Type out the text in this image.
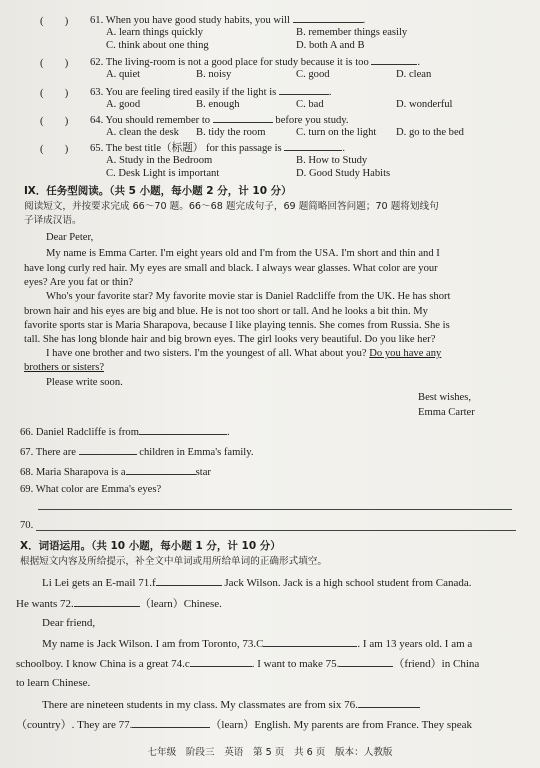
(　　) 61. When you have good study habits, you will	.
A. learn things quickly	B. remember things easily
C. think about one thing	D. both A and B
(　　) 62. The living-room is not a good place for study because it is too	.
A. quiet	B. noisy	C. good	D. clean
(　　) 63. You are feeling tired easily if the light is	.
A. good	B. enough	C. bad	D. wonderful
(　　) 64. You should remember to	before you study.
A. clean the desk B. tidy the room	C. turn on the light D. go to the bed
(　　) 65. The best title（标题） for this passage is	.
A. Study in the Bedroom	B. How to Study
C. Desk Light is important	D. Good Study Habits
Ⅸ．任务型阅读。（共 5 小题，每小题 2 分，计 10 分）
阅读短文，并按要求完成 66～70 题。66～68 题完成句子，69 题简略回答问题；70 题将划线句
子译成汉语。
Dear Peter,
My name is Emma Carter. I'm eight years old and I'm from the USA. I'm short and thin and I
have long curly red hair. My eyes are small and black. I always wear glasses. What color are your
eyes? Are you fat or thin?
Who's your favorite star? My favorite movie star is Daniel Radcliffe from the UK. He has short
brown hair and his eyes are big and blue. He is not too short or tall. And he looks a bit thin. My
favorite sports star is Maria Sharapova, because I like playing tennis. She comes from Russia. She is
tall. She has long blonde hair and big brown eyes. The girl looks very beautiful. Do you like her?
I have one brother and two sisters. I'm the youngest of all. What about you? Do you have any
brothers or sisters?
Please write soon.
Best wishes,
Emma Carter
66. Daniel Radcliffe is from	.
67. There are	children in Emma's family.
68. Maria Sharapova is a	star
69. What color are Emma's eyes?
70.
Ⅹ．词语运用。（共 10 小题，每小题 1 分，计 10 分）
根据短文内容及所给提示，补全文中单词或用所给单词的正确形式填空。
Li Lei gets an E-mail 71.f	Jack Wilson. Jack is a high school student from Canada.
He wants 72.	（learn）Chinese.
Dear friend,
My name is Jack Wilson. I am from Toronto, 73.C	. I am 13 years old. I am a
schoolboy. I know China is a great 74.c	. I want to make 75.	（friend）in China
to learn Chinese.
There are nineteen students in my class. My classmates are from six 76.
（country）. They are 77.	（learn）English. My parents are from France. They speak
七年级　阶段三　英语　第 5 页　共 6 页　版本：人教版
